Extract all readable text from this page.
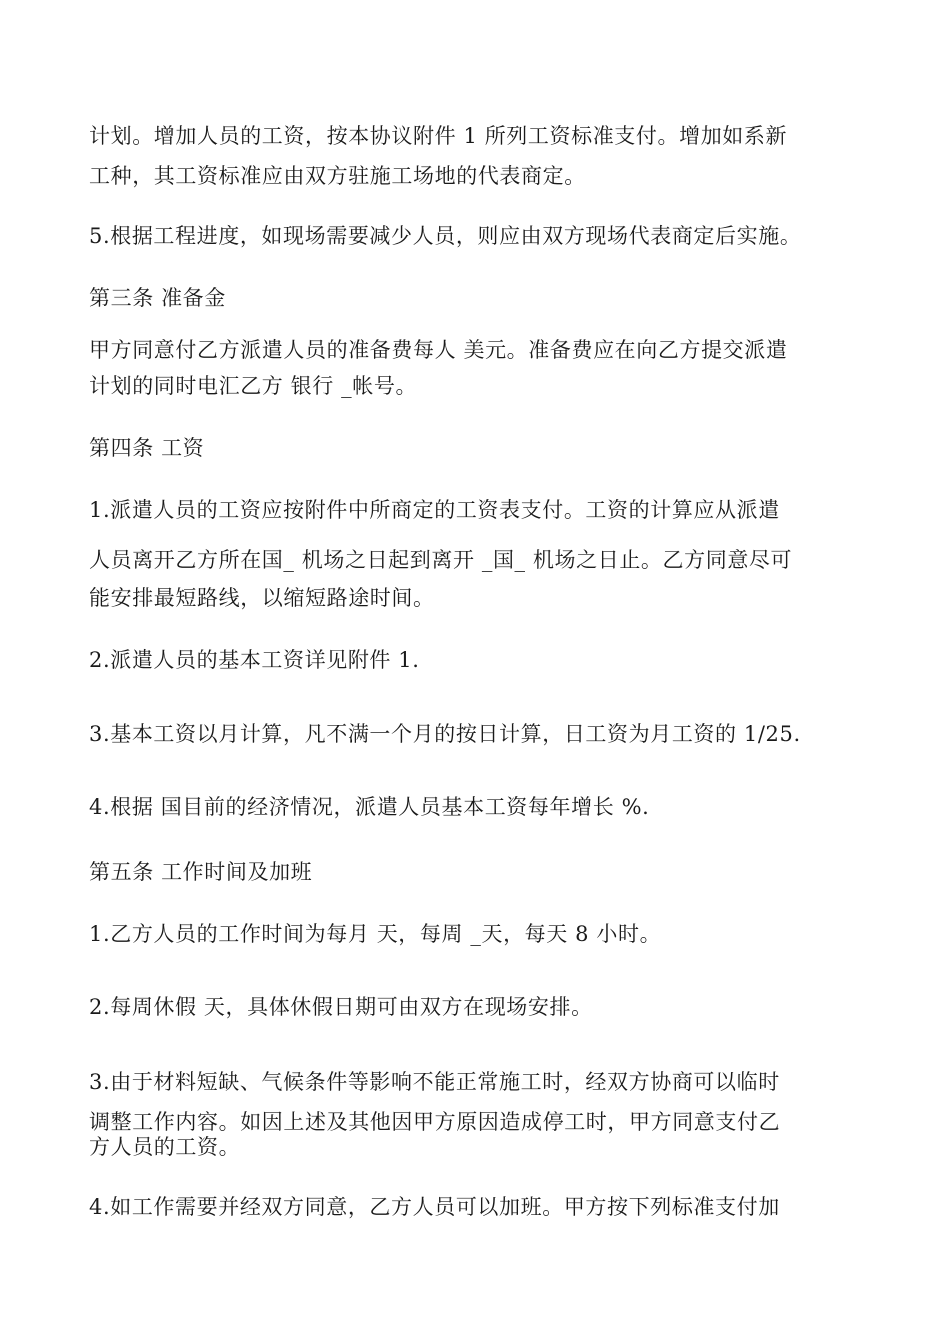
计划。增加人员的工资，按本协议附件 1 所列工资标准支付。增加如系新
工种，其工资标准应由双方驻施工场地的代表商定。
5.根据工程进度，如现场需要减少人员，则应由双方现场代表商定后实施。
第三条 准备金
甲方同意付乙方派遣人员的准备费每人 美元。准备费应在向乙方提交派遣
计划的同时电汇乙方 银行 _帐号。
第四条 工资
1.派遣人员的工资应按附件中所商定的工资表支付。工资的计算应从派遣
人员离开乙方所在国_ 机场之日起到离开 _国_ 机场之日止。乙方同意尽可
能安排最短路线，以缩短路途时间。
2.派遣人员的基本工资详见附件 1.
3.基本工资以月计算，凡不满一个月的按日计算，日工资为月工资的 1/25.
4.根据 国目前的经济情况，派遣人员基本工资每年增长 %.
第五条 工作时间及加班
1.乙方人员的工作时间为每月 天，每周 _天，每天 8 小时。
2.每周休假 天，具体休假日期可由双方在现场安排。
3.由于材料短缺、气候条件等影响不能正常施工时，经双方协商可以临时
调整工作内容。如因上述及其他因甲方原因造成停工时，甲方同意支付乙
方人员的工资。
4.如工作需要并经双方同意，乙方人员可以加班。甲方按下列标准支付加
